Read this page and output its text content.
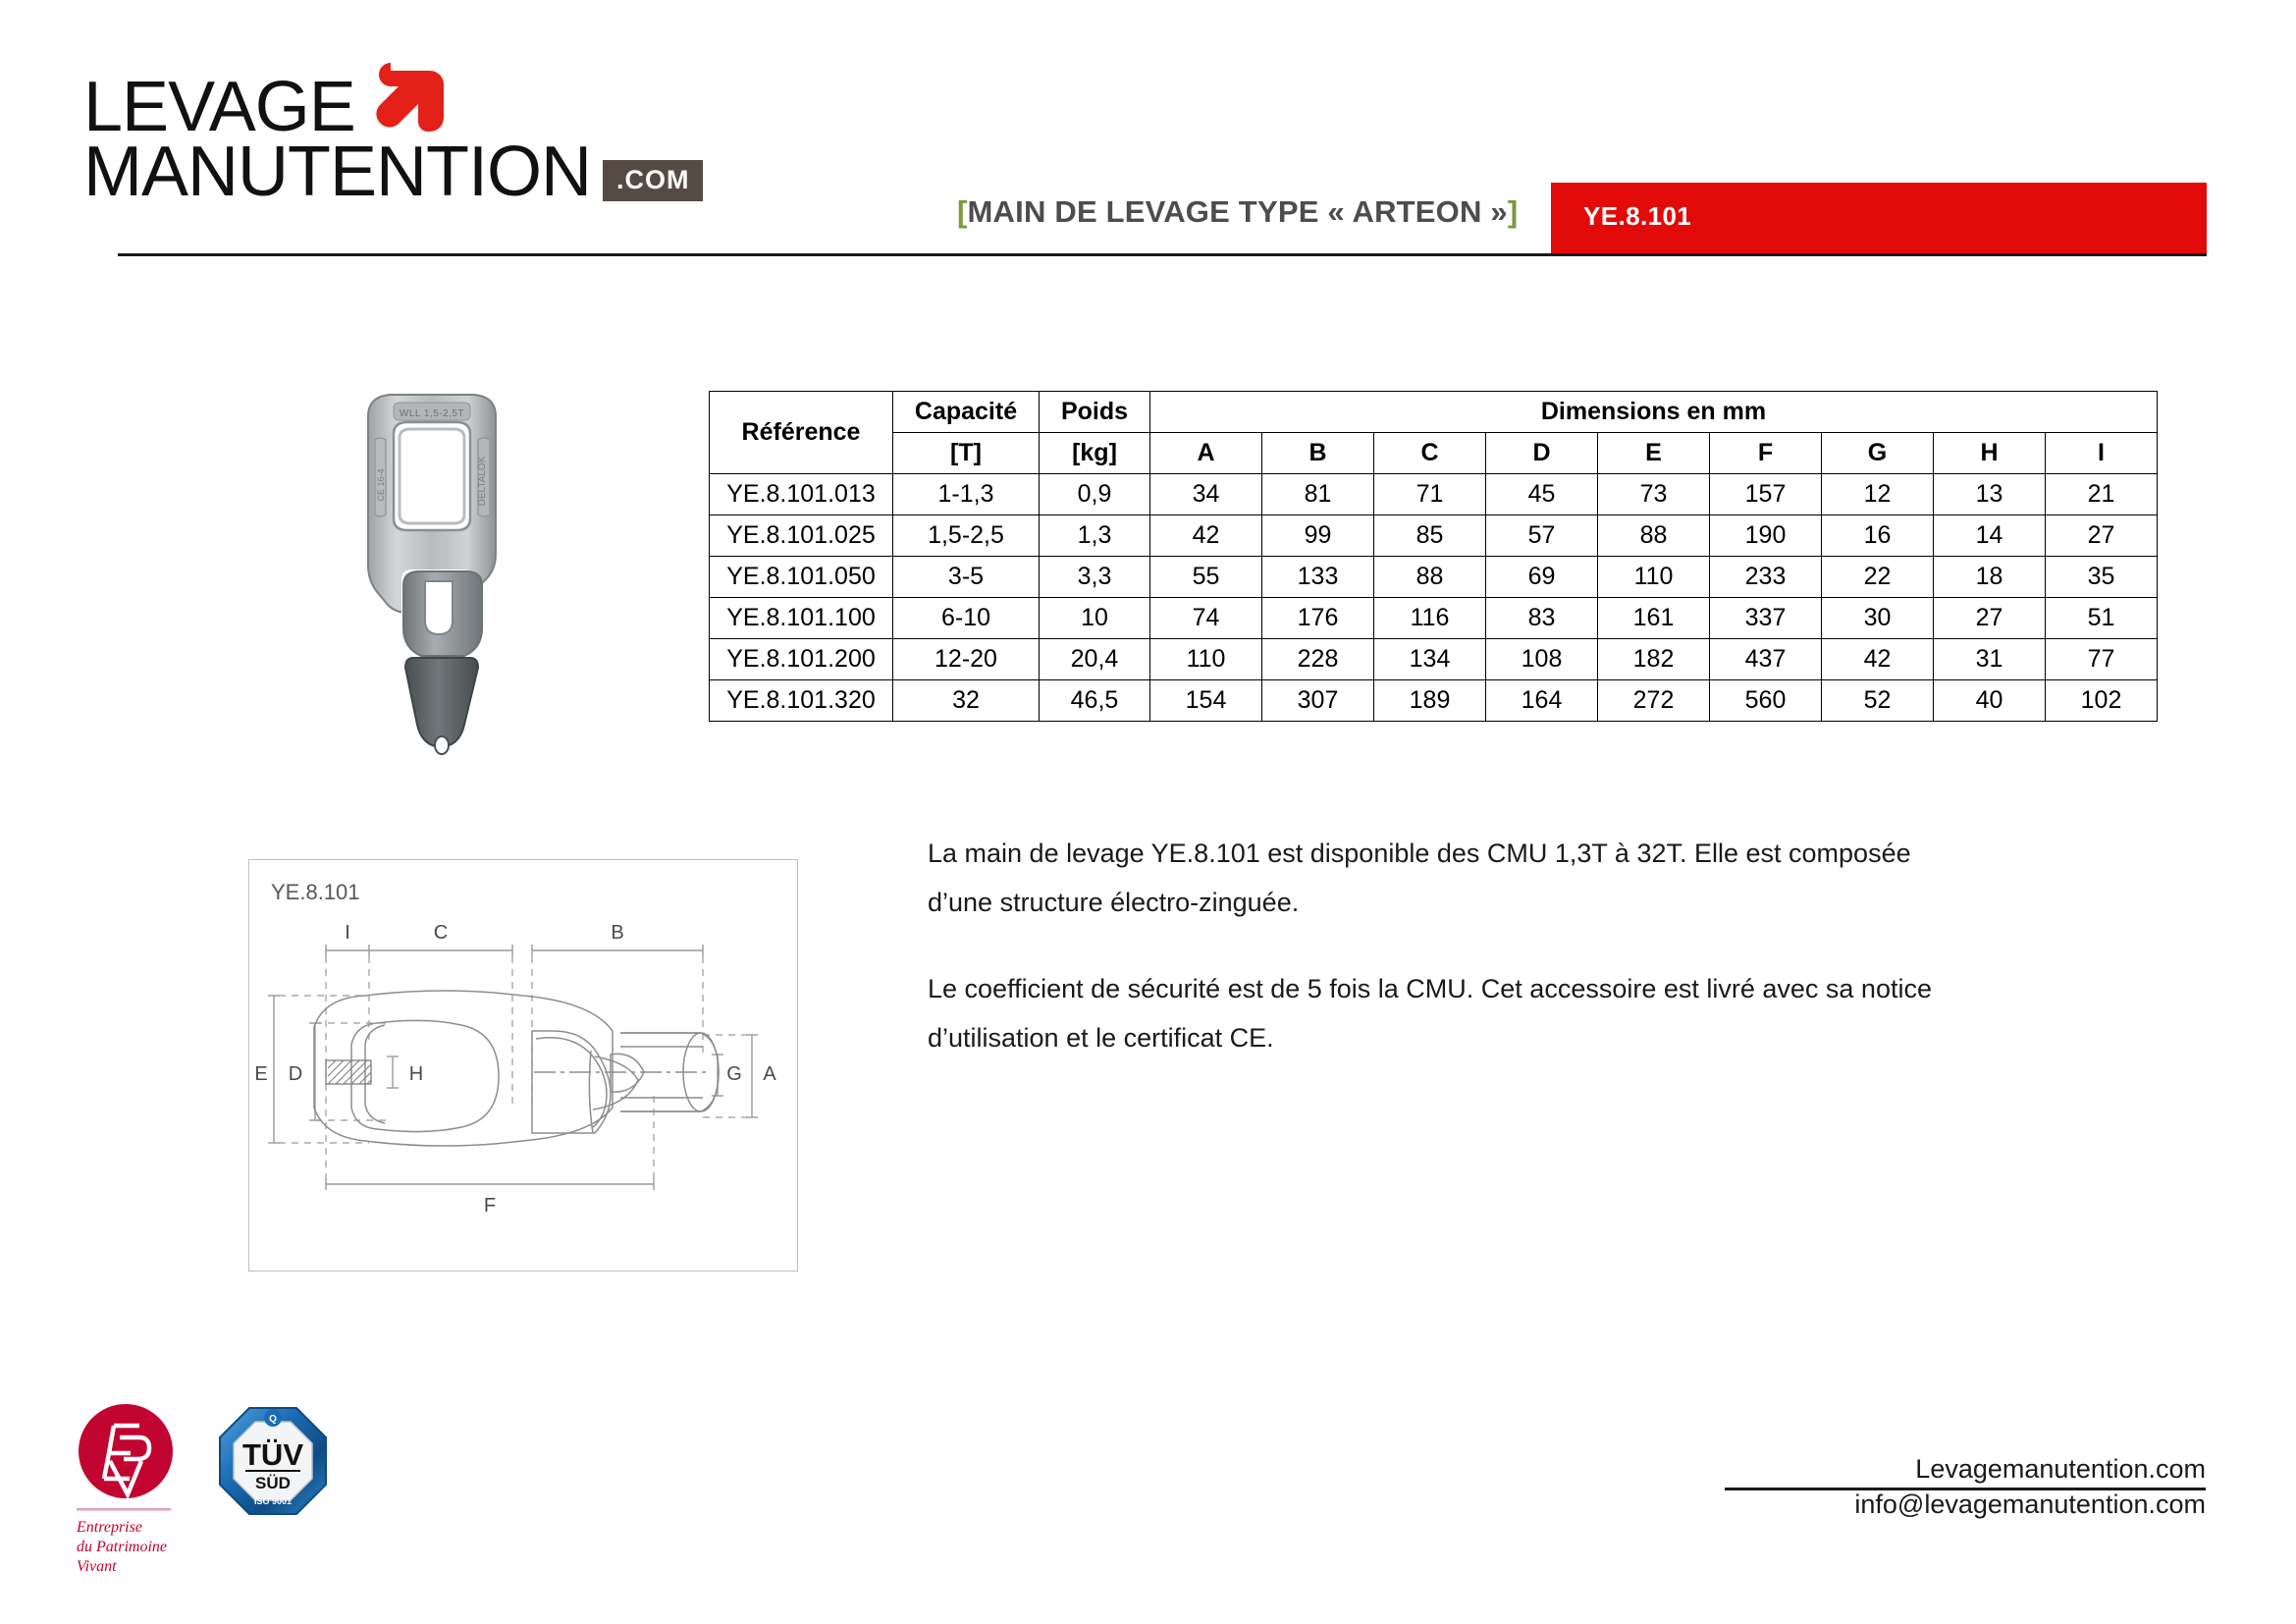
LEVAGE
MANUTENTION .COM
[MAIN DE LEVAGE TYPE « ARTEON »]	YE.8.101
WLL 1,5-2,5T
CE 16-4	DELTALOK
Référence	Capacité	Poids	Dimensions en mm								
	[T]	[kg]	A	B	C	D	E	F	G	H	I
YE.8.101.013	1-1,3	0,9	34	81	71	45	73	157	12	13	21
YE.8.101.025	1,5-2,5	1,3	42	99	85	57	88	190	16	14	27
YE.8.101.050	3-5	3,3	55	133	88	69	110	233	22	18	35
YE.8.101.100	6-10	10	74	176	116	83	161	337	30	27	51
YE.8.101.200	12-20	20,4	110	228	134	108	182	437	42	31	77
YE.8.101.320	32	46,5	154	307	189	164	272	560	52	40	102
YE.8.101
I	C	B
E D	H	G A
F

La main de levage YE.8.101 est disponible des CMU 1,3T à 32T. Elle est composée d’une structure électro-zinguée.

Le coefficient de sécurité est de 5 fois la CMU. Cet accessoire est livré avec sa notice d’utilisation et le certificat CE.

Entreprise
du Patrimoine
Vivant
Q
TÜV
SÜD
ISO 9001
Levagemanutention.com
info@levagemanutention.com
